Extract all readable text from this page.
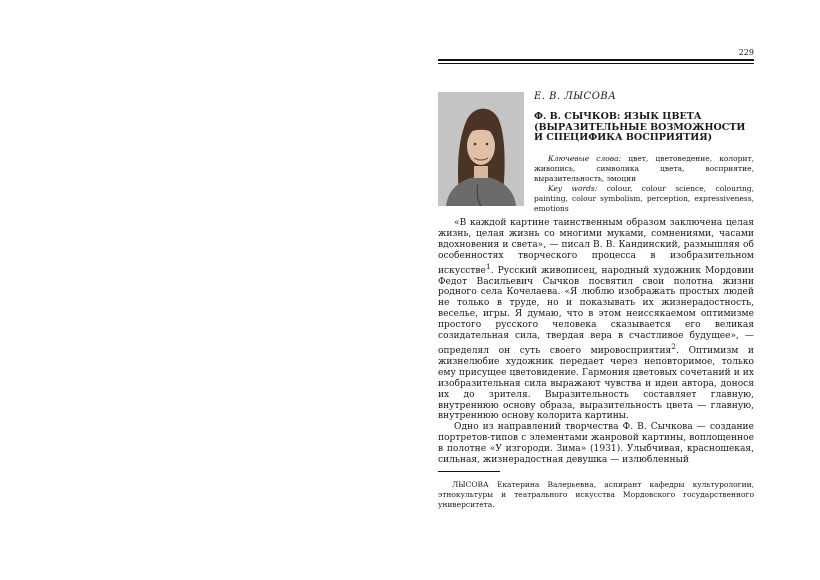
229
Е. В. ЛЫСОВА
Ф. В. СЫЧКОВ: ЯЗЫК ЦВЕТА (ВЫРАЗИТЕЛЬНЫЕ ВОЗМОЖНОСТИ И СПЕЦИФИКА ВОСПРИЯТИЯ)

Ключевые слова: цвет, цветоведение, колорит, живопись, символика цвета, восприятие, выразительность, эмоции

Key words: colour, colour science, colouring, painting, colour symbolism, perception, expressiveness, emotions

«В каждой картине таинственным образом заключена целая жизнь, целая жизнь со многими муками, сомнениями, часами вдохновения и света», — писал В. В. Кандинский, размышляя об особенностях творческого процесса в изобразительном искусстве$^1$. Русский живописец, народный художник Мордовии Федот Васильевич Сычков посвятил свои полотна жизни родного села Кочелаева. «Я люблю изображать простых людей не только в труде, но и показывать их жизнерадостность, веселье, игры. Я думаю, что в этом неиссякаемом оптимизме простого русского человека сказывается его великая созидательная сила, твердая вера в счастливое будущее», — определял он суть своего мировосприятия$^2$. Оптимизм и жизнелюбие художник передает через неповторимое, только ему присущее цветовидение. Гармония цветовых сочетаний и их изобразительная сила выражают чувства и идеи автора, донося их до зрителя. Выразительность составляет главную, внутреннюю основу образа, выразительность цвета — главную, внутреннюю основу колорита картины.

Одно из направлений творчества Ф. В. Сычкова — создание портретов-типов с элементами жанровой картины, воплощенное в полотне «У изгороди. Зима» (1931). Улыбчивая, красношекая, сильная, жизнерадостная девушка — излюбленный

ЛЫСОВА Екатерина Валерьевна, аспирант кафедры культурологии, этнокультуры и театрального искусства Мордовского государственного университета.
